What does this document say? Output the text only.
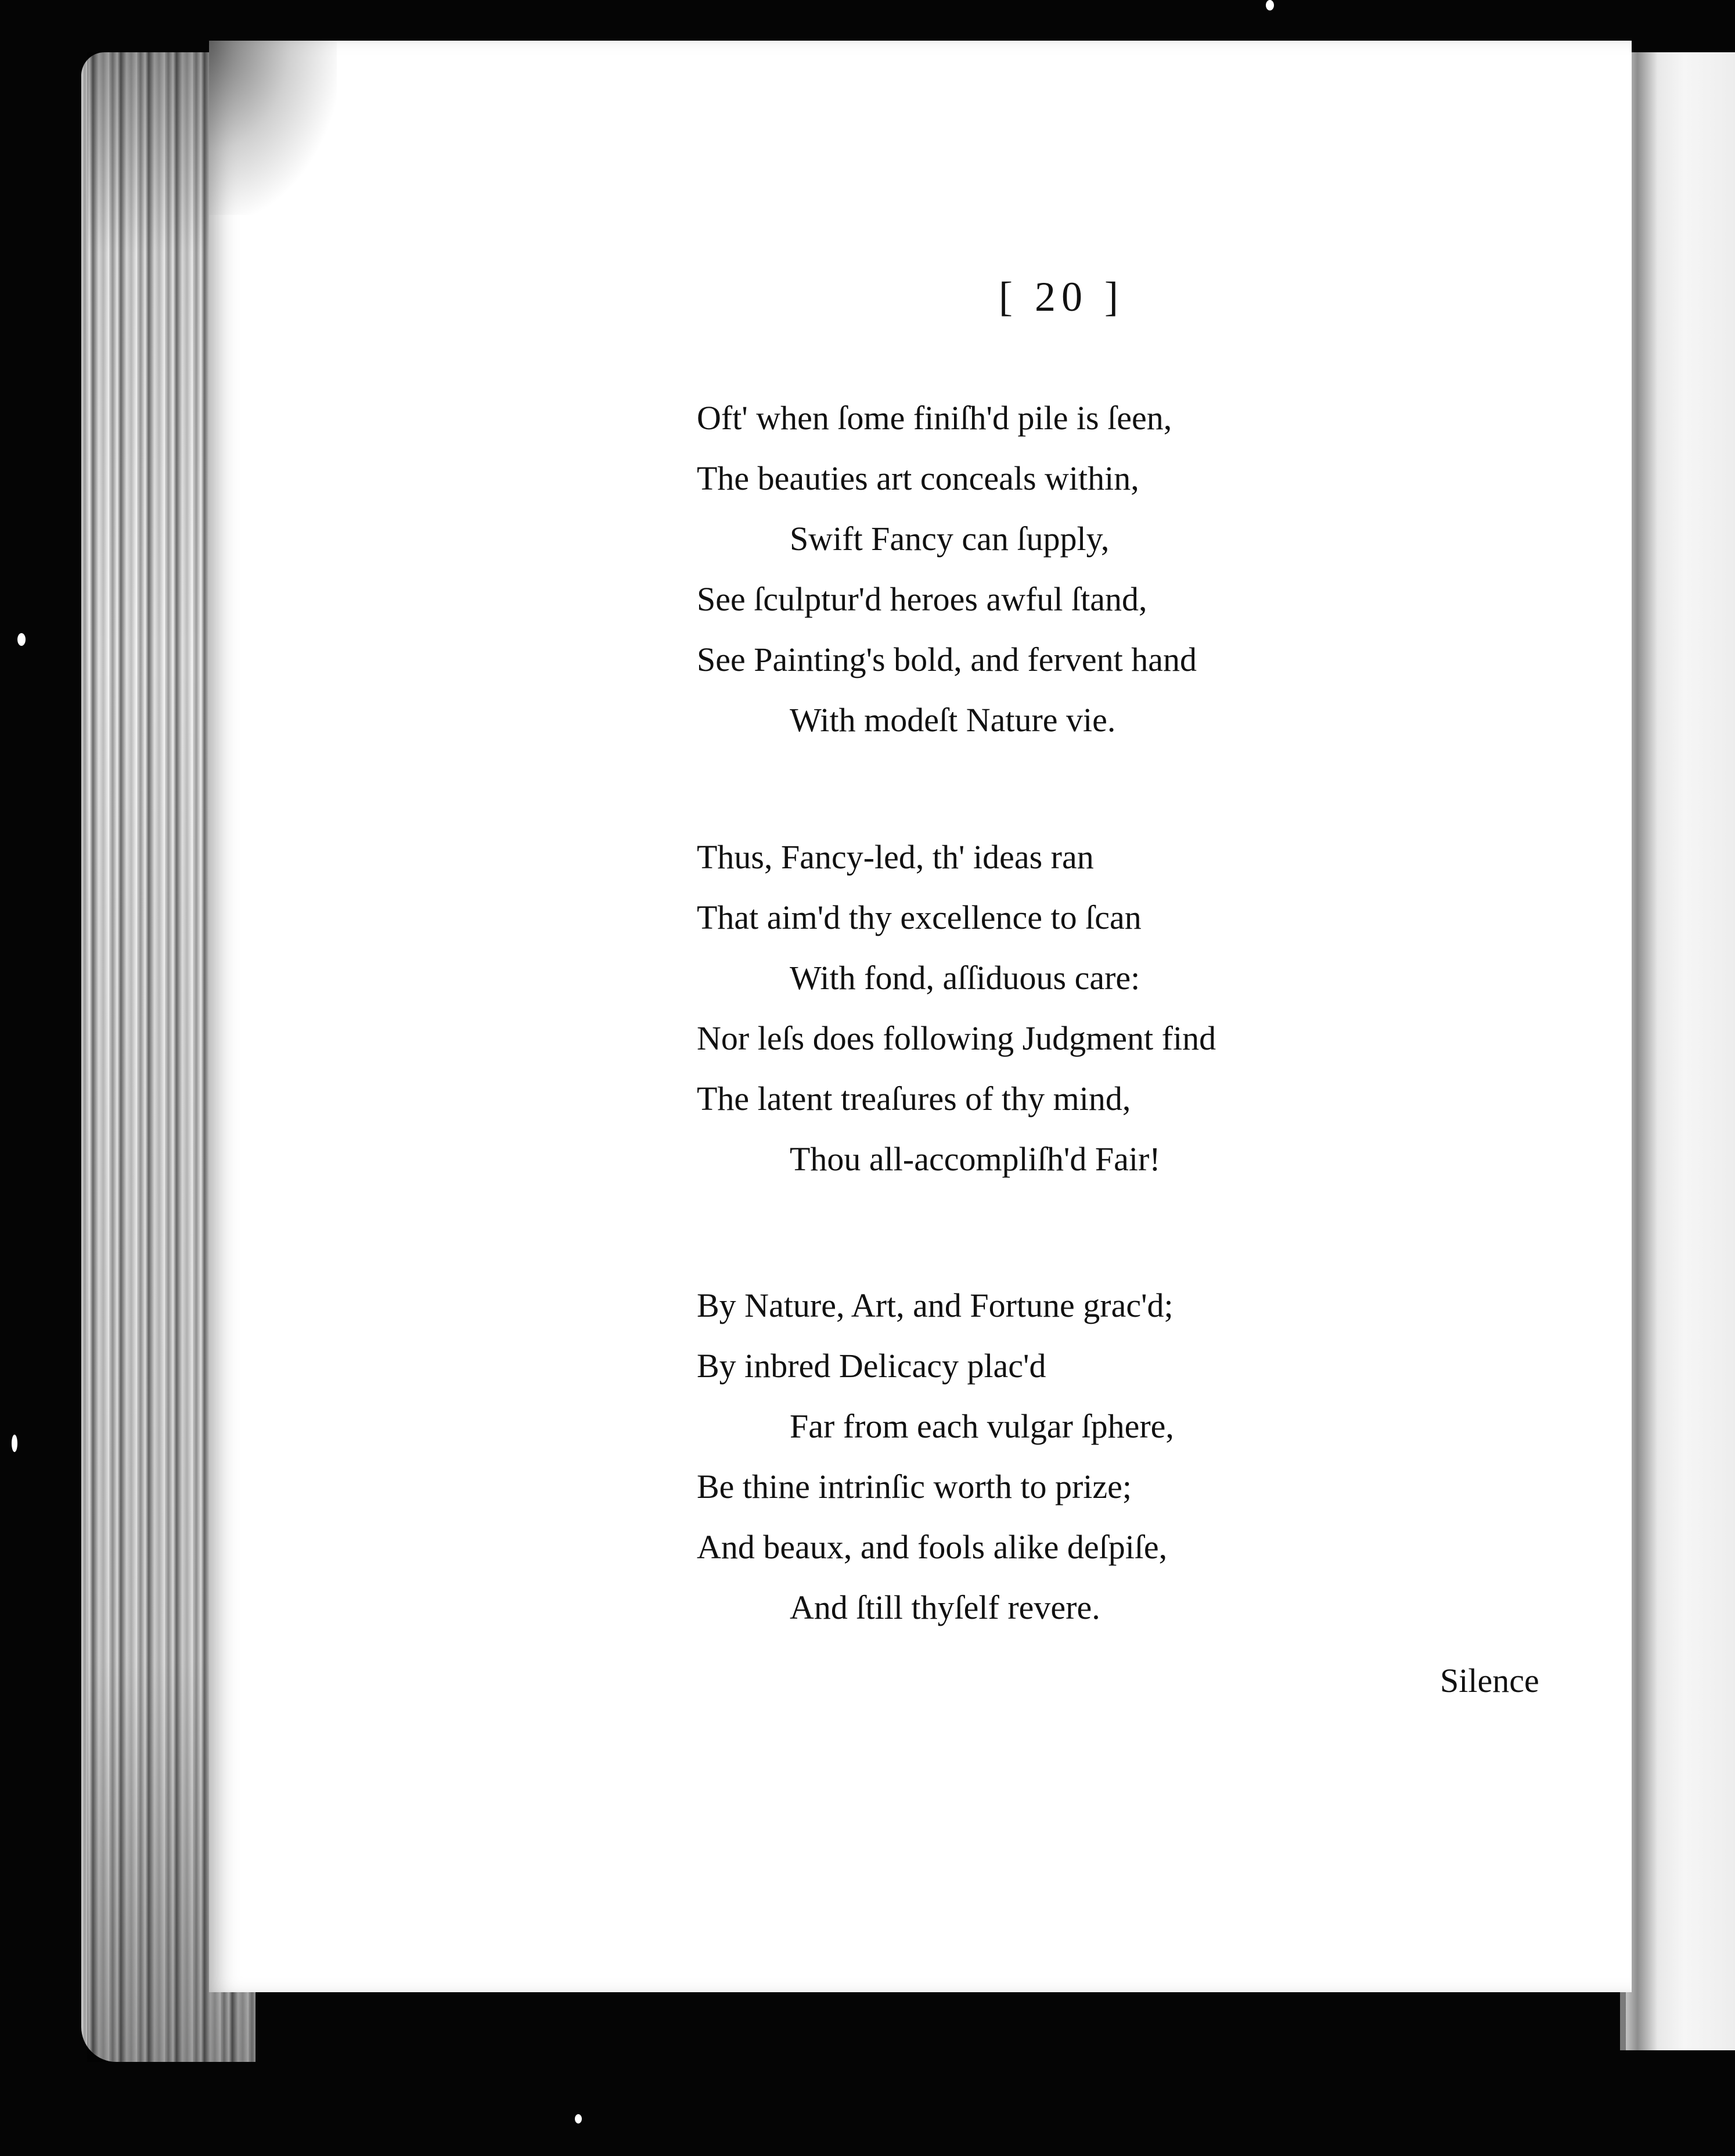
[ 20 ]
Oft' when ſome finiſh'd pile is ſeen,
The beauties art conceals within,
Swift Fancy can ſupply,
See ſculptur'd heroes awful ſtand,
See Painting's bold, and fervent hand
With modeſt Nature vie.
Thus, Fancy-led, th' ideas ran
That aim'd thy excellence to ſcan
With fond, aſſiduous care:
Nor leſs does following Judgment find
The latent treaſures of thy mind,
Thou all-accompliſh'd Fair!
By Nature, Art, and Fortune grac'd;
By inbred Delicacy plac'd
Far from each vulgar ſphere,
Be thine intrinſic worth to prize;
And beaux, and fools alike deſpiſe,
And ſtill thyſelf revere.
Silence
